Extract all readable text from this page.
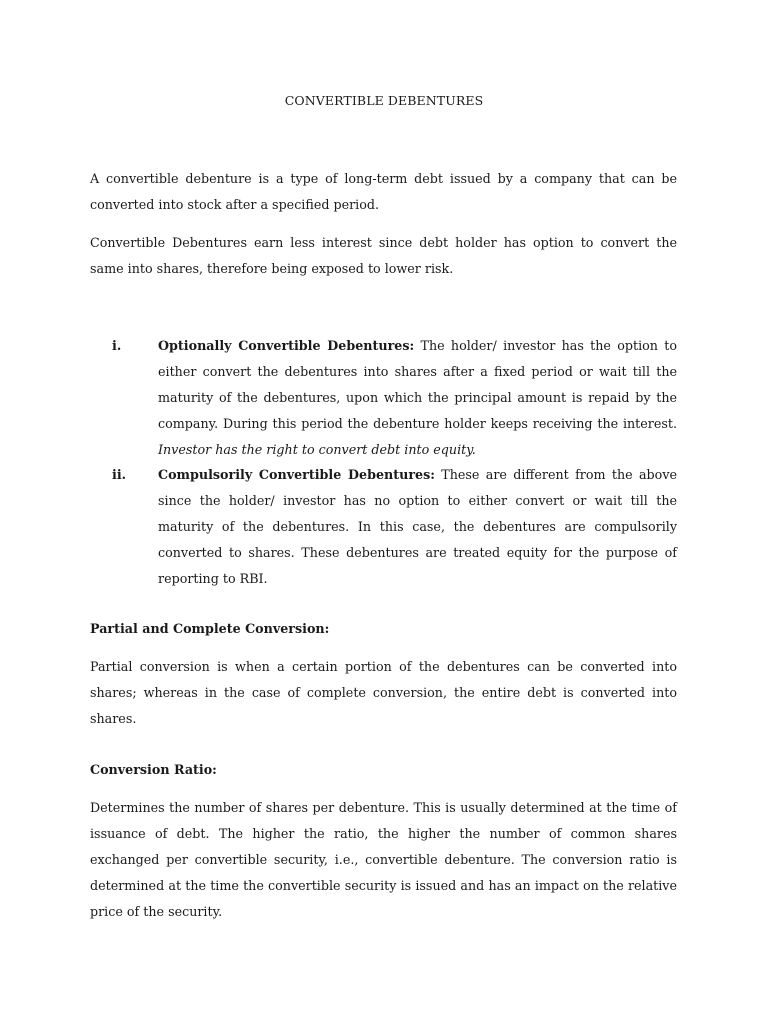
CONVERTIBLE DEBENTURES
A convertible debenture is a type of long-term debt issued by a company that can be converted into stock after a specified period.
Convertible Debentures earn less interest since debt holder has option to convert the same into shares, therefore being exposed to lower risk.
i.	Optionally Convertible Debentures: The holder/ investor has the option to either convert the debentures into shares after a fixed period or wait till the maturity of the debentures, upon which the principal amount is repaid by the company. During this period the debenture holder keeps receiving the interest. Investor has the right to convert debt into equity.
ii.	Compulsorily Convertible Debentures: These are different from the above since the holder/ investor has no option to either convert or wait till the maturity of the debentures. In this case, the debentures are compulsorily converted to shares. These debentures are treated equity for the purpose of reporting to RBI.
Partial and Complete Conversion:
Partial conversion is when a certain portion of the debentures can be converted into shares; whereas in the case of complete conversion, the entire debt is converted into shares.
Conversion Ratio:
Determines the number of shares per debenture. This is usually determined at the time of issuance of debt. The higher the ratio, the higher the number of common shares exchanged per convertible security, i.e., convertible debenture. The conversion ratio is determined at the time the convertible security is issued and has an impact on the relative price of the security.
